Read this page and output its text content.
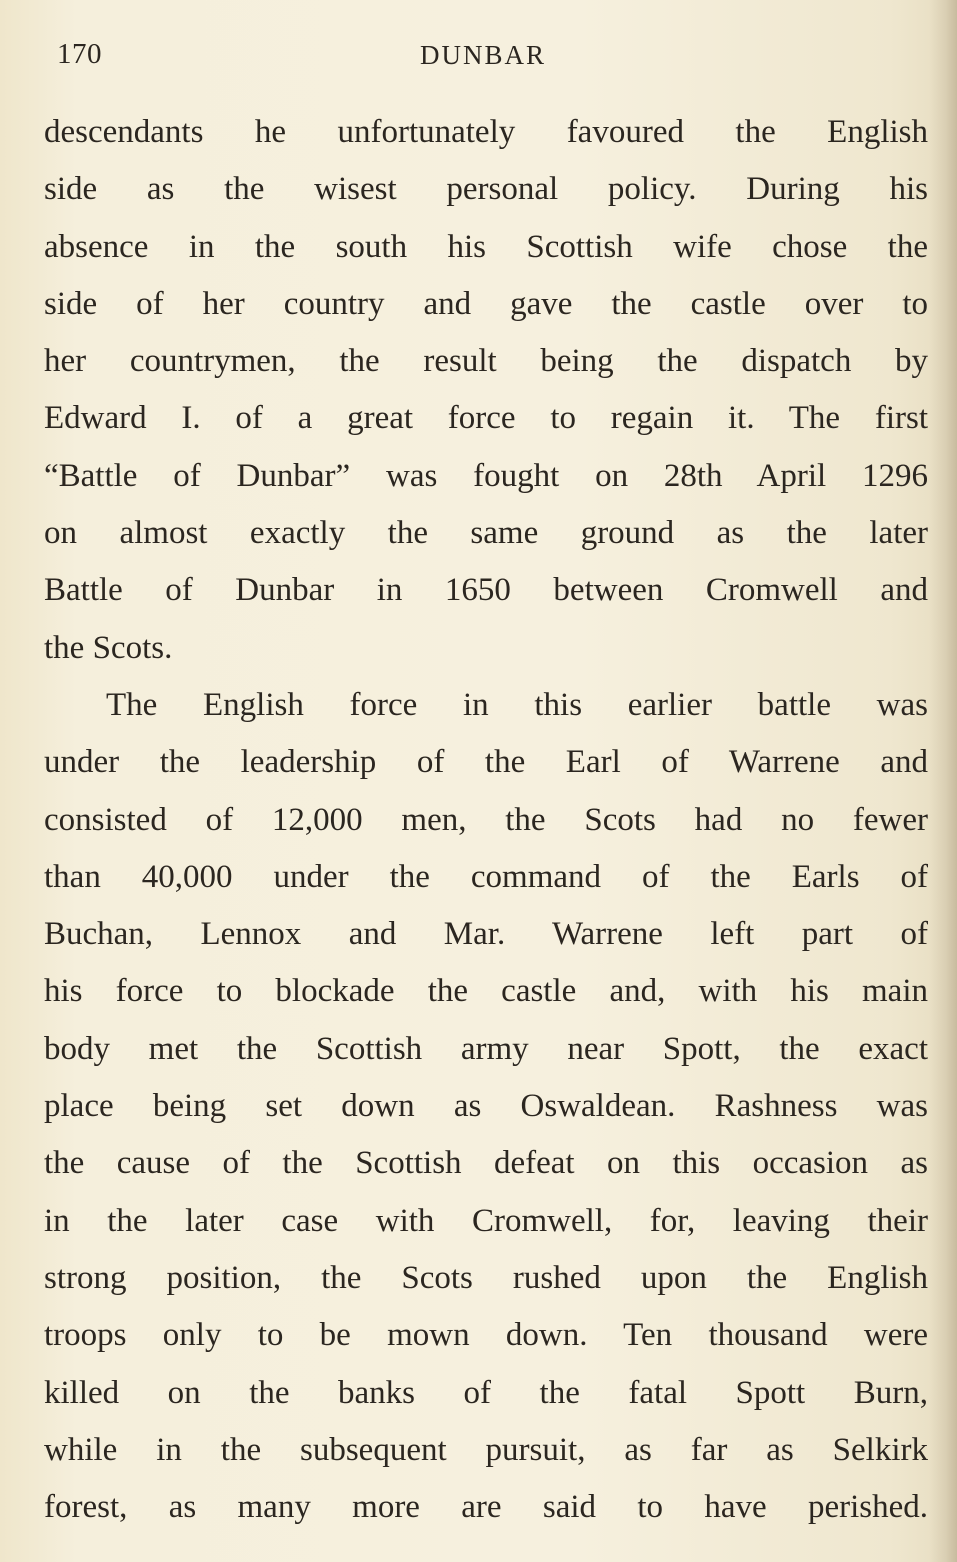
170	DUNBAR
descendants he unfortunately favoured the English
side as the wisest personal policy. During his
absence in the south his Scottish wife chose the
side of her country and gave the castle over to
her countrymen, the result being the dispatch by
Edward I. of a great force to regain it. The first
“Battle of Dunbar” was fought on 28th April 1296
on almost exactly the same ground as the later
Battle of Dunbar in 1650 between Cromwell and
the Scots.
The English force in this earlier battle was
under the leadership of the Earl of Warrene and
consisted of 12,000 men, the Scots had no fewer
than 40,000 under the command of the Earls of
Buchan, Lennox and Mar. Warrene left part of
his force to blockade the castle and, with his main
body met the Scottish army near Spott, the exact
place being set down as Oswaldean. Rashness was
the cause of the Scottish defeat on this occasion as
in the later case with Cromwell, for, leaving their
strong position, the Scots rushed upon the English
troops only to be mown down. Ten thousand were
killed on the banks of the fatal Spott Burn,
while in the subsequent pursuit, as far as Selkirk
forest, as many more are said to have perished.
